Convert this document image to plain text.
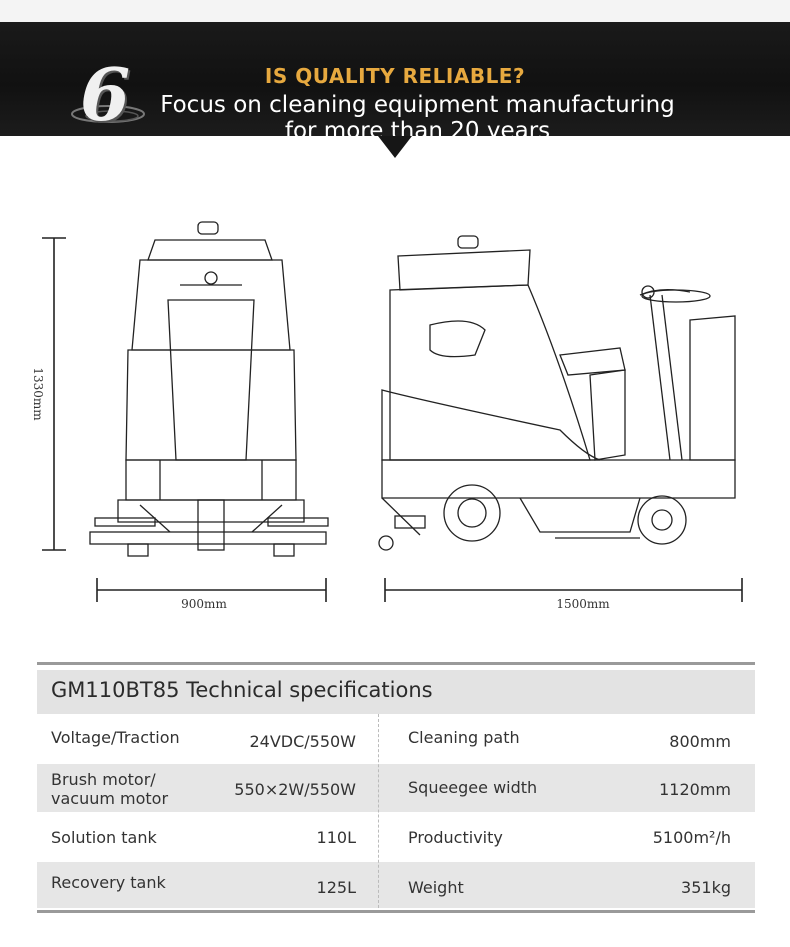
6	IS QUALITY RELIABLE?
Focus on cleaning equipment manufacturing
for more than 20 years
1330mm
900mm	1500mm
GM110BT85 Technical specifications
Voltage/Traction	24VDC/550W	Cleaning path	800mm
Brush motor/
vacuum motor	550×2W/550W	Squeegee width	1120mm
Solution tank	110L	Productivity	5100m²/h
Recovery tank	125L	Weight	351kg
